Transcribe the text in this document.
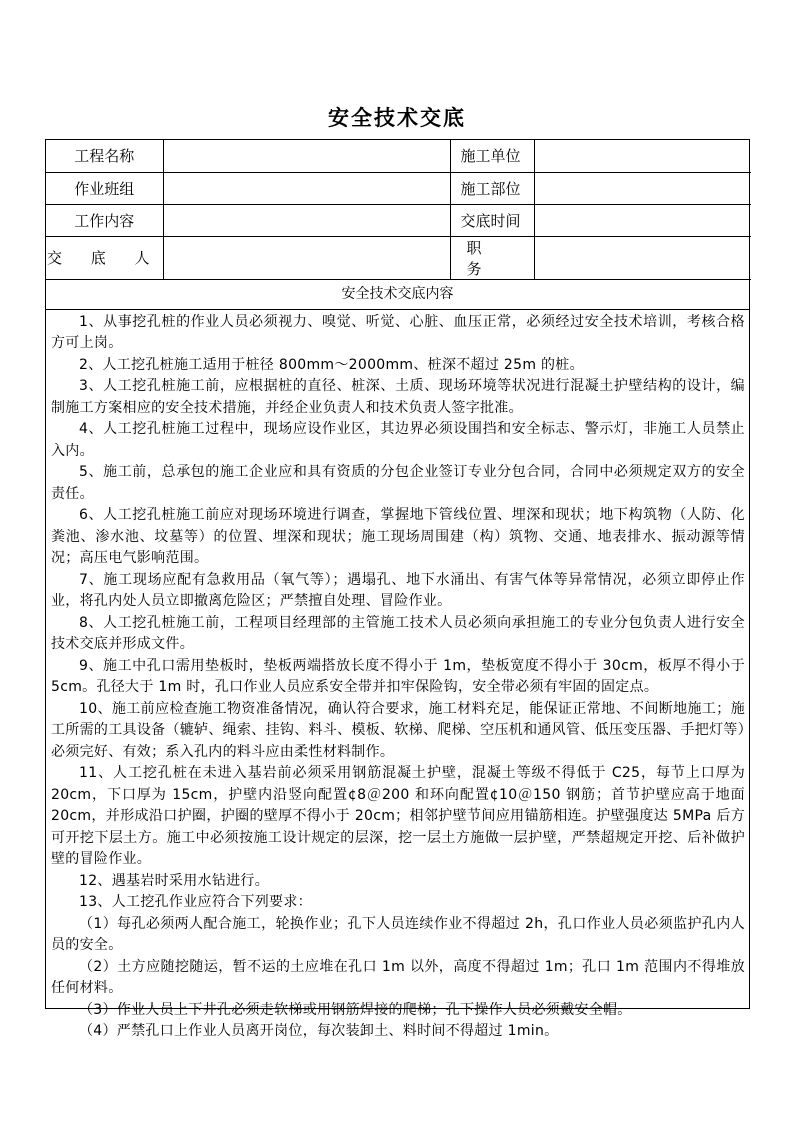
安全技术交底
工程名称		施工单位	
作业班组		施工部位	
工作内容		交底时间	
交 底 人		职 务	
安全技术交底内容

1、从事挖孔桩的作业人员必须视力、嗅觉、听觉、心脏、血压正常，必须经过安全技术培训，考核合格方可上岗。

2、人工挖孔桩施工适用于桩径 800mm～2000mm、桩深不超过 25m 的桩。

3、人工挖孔桩施工前，应根据桩的直径、桩深、土质、现场环境等状况进行混凝土护壁结构的设计，编制施工方案相应的安全技术措施，并经企业负责人和技术负责人签字批准。

4、人工挖孔桩施工过程中，现场应设作业区，其边界必须设围挡和安全标志、警示灯，非施工人员禁止入内。

5、施工前，总承包的施工企业应和具有资质的分包企业签订专业分包合同，合同中必须规定双方的安全责任。

6、人工挖孔桩施工前应对现场环境进行调查，掌握地下管线位置、埋深和现状；地下构筑物（人防、化粪池、渗水池、坟墓等）的位置、埋深和现状；施工现场周围建（构）筑物、交通、地表排水、振动源等情况；高压电气影响范围。

7、施工现场应配有急救用品（氧气等）；遇塌孔、地下水涌出、有害气体等异常情况，必须立即停止作业，将孔内处人员立即撤离危险区；严禁擅自处理、冒险作业。

8、人工挖孔桩施工前，工程项目经理部的主管施工技术人员必须向承担施工的专业分包负责人进行安全技术交底并形成文件。

9、施工中孔口需用垫板时，垫板两端搭放长度不得小于 1m，垫板宽度不得小于 30cm，板厚不得小于 5cm。孔径大于 1m 时，孔口作业人员应系安全带并扣牢保险钩，安全带必须有牢固的固定点。

10、施工前应检查施工物资准备情况，确认符合要求，施工材料充足，能保证正常地、不间断地施工；施工所需的工具设备（辘轳、绳索、挂钩、料斗、模板、软梯、爬梯、空压机和通风管、低压变压器、手把灯等）必须完好、有效；系入孔内的料斗应由柔性材料制作。

11、人工挖孔桩在未进入基岩前必须采用钢筋混凝土护壁，混凝土等级不得低于 C25，每节上口厚为 20cm，下口厚为 15cm，护壁内沿竖向配置¢8＠200 和环向配置¢10＠150 钢筋；首节护壁应高于地面 20cm，并形成沿口护圈，护圈的壁厚不得小于 20cm；相邻护壁节间应用锚筋相连。护壁强度达 5MPa 后方可开挖下层土方。施工中必须按施工设计规定的层深，挖一层土方施做一层护壁，严禁超规定开挖、后补做护壁的冒险作业。

12、遇基岩时采用水钻进行。

13、人工挖孔作业应符合下列要求：

（1）每孔必须两人配合施工，轮换作业；孔下人员连续作业不得超过 2h，孔口作业人员必须监护孔内人员的安全。

（2）土方应随挖随运，暂不运的土应堆在孔口 1m 以外，高度不得超过 1m；孔口 1m 范围内不得堆放任何材料。

（3）作业人员上下井孔必须走软梯或用钢筋焊接的爬梯；孔下操作人员必须戴安全帽。

（4）严禁孔口上作业人员离开岗位，每次装卸土、料时间不得超过 1min。
